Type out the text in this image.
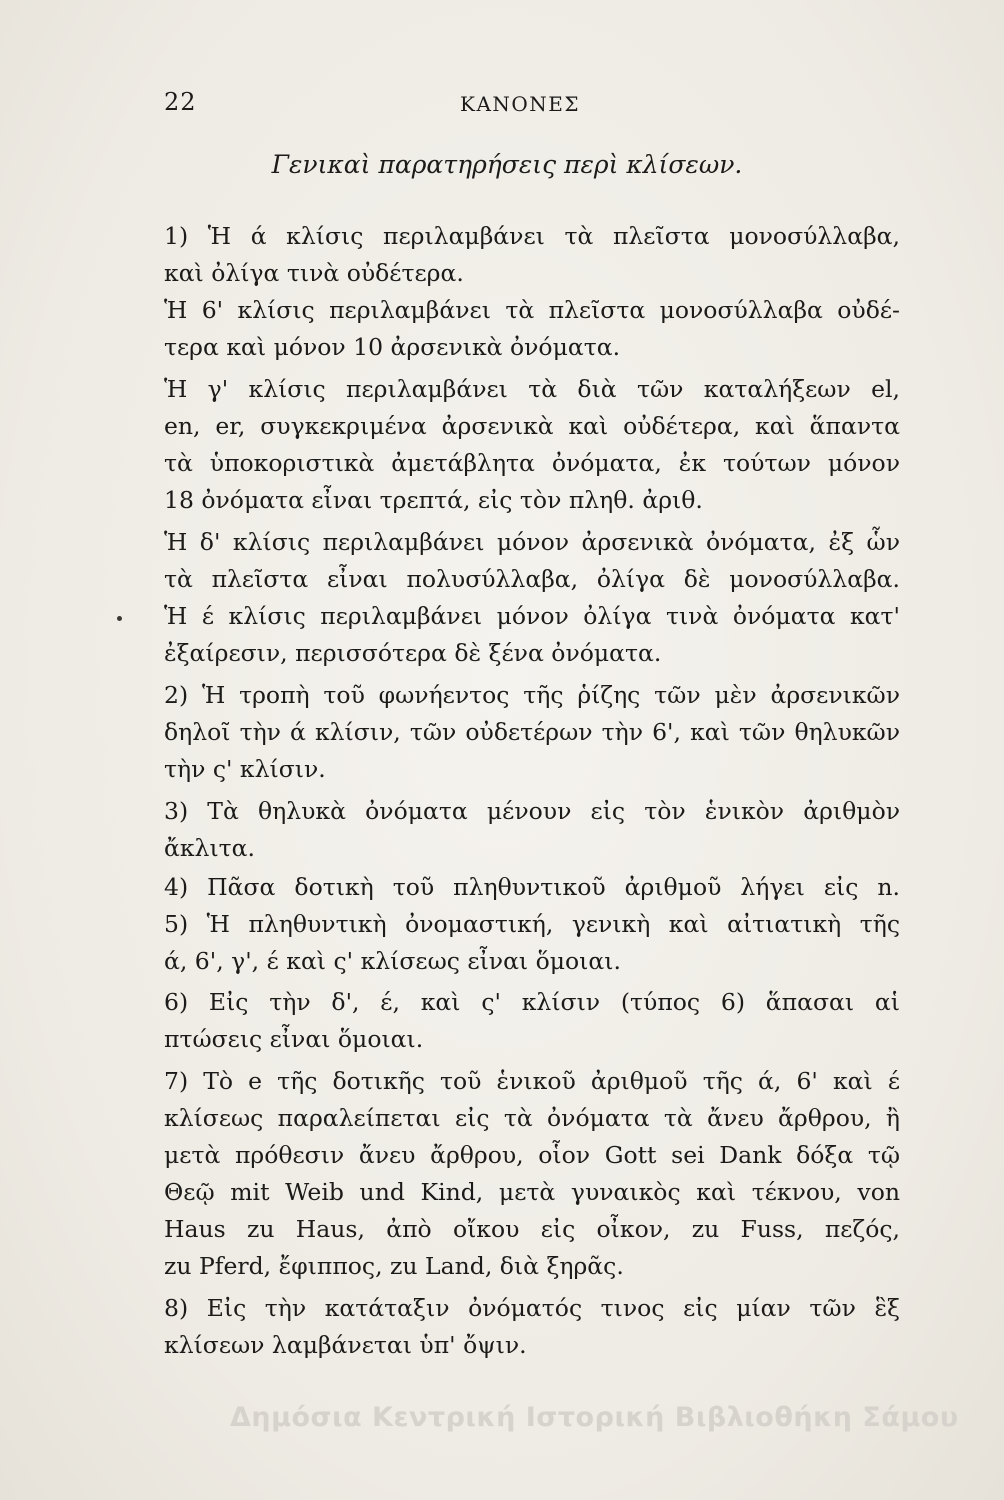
22	ΚΑΝΟΝΕΣ
Γενικαὶ παρατηρήσεις περὶ κλίσεων.
1) Ἡ ά κλίσις περιλαμβάνει τὰ πλεῖστα μονοσύλλαβα,
καὶ ὀλίγα τινὰ οὐδέτερα.
Ἡ 6' κλίσις περιλαμβάνει τὰ πλεῖστα μονοσύλλαβα οὐδέ-
τερα καὶ μόνον 10 ἀρσενικὰ ὀνόματα.
Ἡ γ' κλίσις περιλαμβάνει τὰ διὰ τῶν καταλήξεων el,
en, er, συγκεκριμένα ἀρσενικὰ καὶ οὐδέτερα, καὶ ἅπαντα
τὰ ὑποκοριστικὰ ἀμετάβλητα ὀνόματα, ἐκ τούτων μόνον
18 ὀνόματα εἶναι τρεπτά, εἰς τὸν πληθ. ἀριθ.
Ἡ δ' κλίσις περιλαμβάνει μόνον ἀρσενικὰ ὀνόματα, ἐξ ὧν
τὰ πλεῖστα εἶναι πολυσύλλαβα, ὀλίγα δὲ μονοσύλλαβα.
Ἡ έ κλίσις περιλαμβάνει μόνον ὀλίγα τινὰ ὀνόματα κατ'
ἐξαίρεσιν, περισσότερα δὲ ξένα ὀνόματα.
2) Ἡ τροπὴ τοῦ φωνήεντος τῆς ῥίζης τῶν μὲν ἀρσενικῶν
δηλοῖ τὴν ά κλίσιν, τῶν οὐδετέρων τὴν 6', καὶ τῶν θηλυκῶν
τὴν ς' κλίσιν.
3) Τὰ θηλυκὰ ὀνόματα μένουν εἰς τὸν ἑνικὸν ἀριθμὸν
ἄκλιτα.
4) Πᾶσα δοτικὴ τοῦ πληθυντικοῦ ἀριθμοῦ λήγει εἰς n.
5) Ἡ πληθυντικὴ ὀνομαστική, γενικὴ καὶ αἰτιατικὴ τῆς
ά, 6', γ', έ καὶ ς' κλίσεως εἶναι ὅμοιαι.
6) Εἰς τὴν δ', έ, καὶ ς' κλίσιν (τύπος 6) ἅπασαι αἱ
πτώσεις εἶναι ὅμοιαι.
7) Τὸ e τῆς δοτικῆς τοῦ ἑνικοῦ ἀριθμοῦ τῆς ά, 6' καὶ έ
κλίσεως παραλείπεται εἰς τὰ ὀνόματα τὰ ἄνευ ἄρθρου, ἢ
μετὰ πρόθεσιν ἄνευ ἄρθρου, οἷον Gott sei Dank δόξα τῷ
Θεῷ mit Weib und Kind, μετὰ γυναικὸς καὶ τέκνου, von
Haus zu Haus, ἀπὸ οἴκου εἰς οἶκον, zu Fuss, πεζός,
zu Pferd, ἔφιππος, zu Land, διὰ ξηρᾶς.
8) Εἰς τὴν κατάταξιν ὀνόματός τινος εἰς μίαν τῶν ἓξ
κλίσεων λαμβάνεται ὑπ' ὄψιν.
Δημόσια Κεντρική Ιστορική Βιβλιοθήκη Σάμου
